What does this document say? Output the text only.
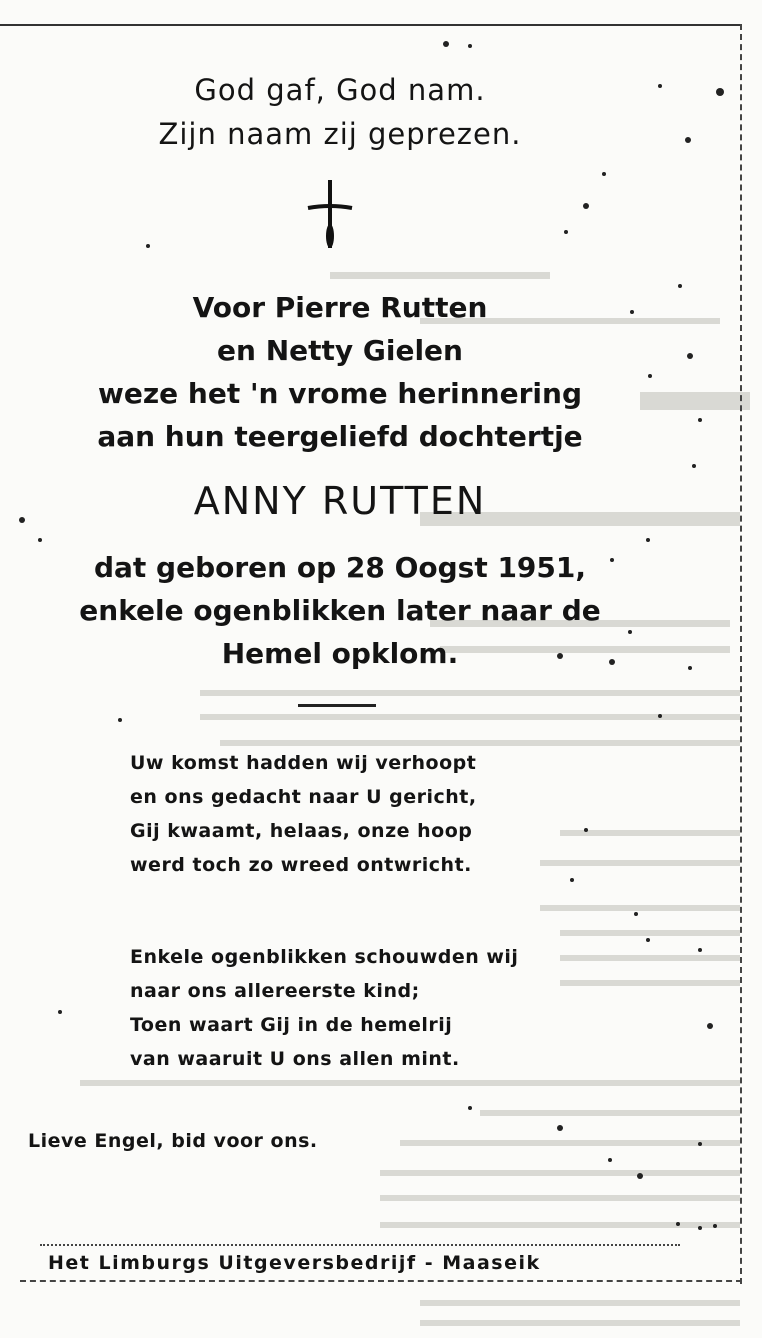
God gaf, God nam.
Zijn naam zij geprezen.
Voor Pierre Rutten
en Netty Gielen
weze het 'n vrome herinnering
aan hun teergeliefd dochtertje
ANNY RUTTEN
dat geboren op 28 Oogst 1951,
enkele ogenblikken later naar de
Hemel opklom.
Uw komst hadden wij verhoopt
en ons gedacht naar U gericht,
Gij kwaamt, helaas, onze hoop
werd toch zo wreed ontwricht.
Enkele ogenblikken schouwden wij
naar ons allereerste kind;
Toen waart Gij in de hemelrij
van waaruit U ons allen mint.
Lieve Engel, bid voor ons.
Het Limburgs Uitgeversbedrijf - Maaseik
